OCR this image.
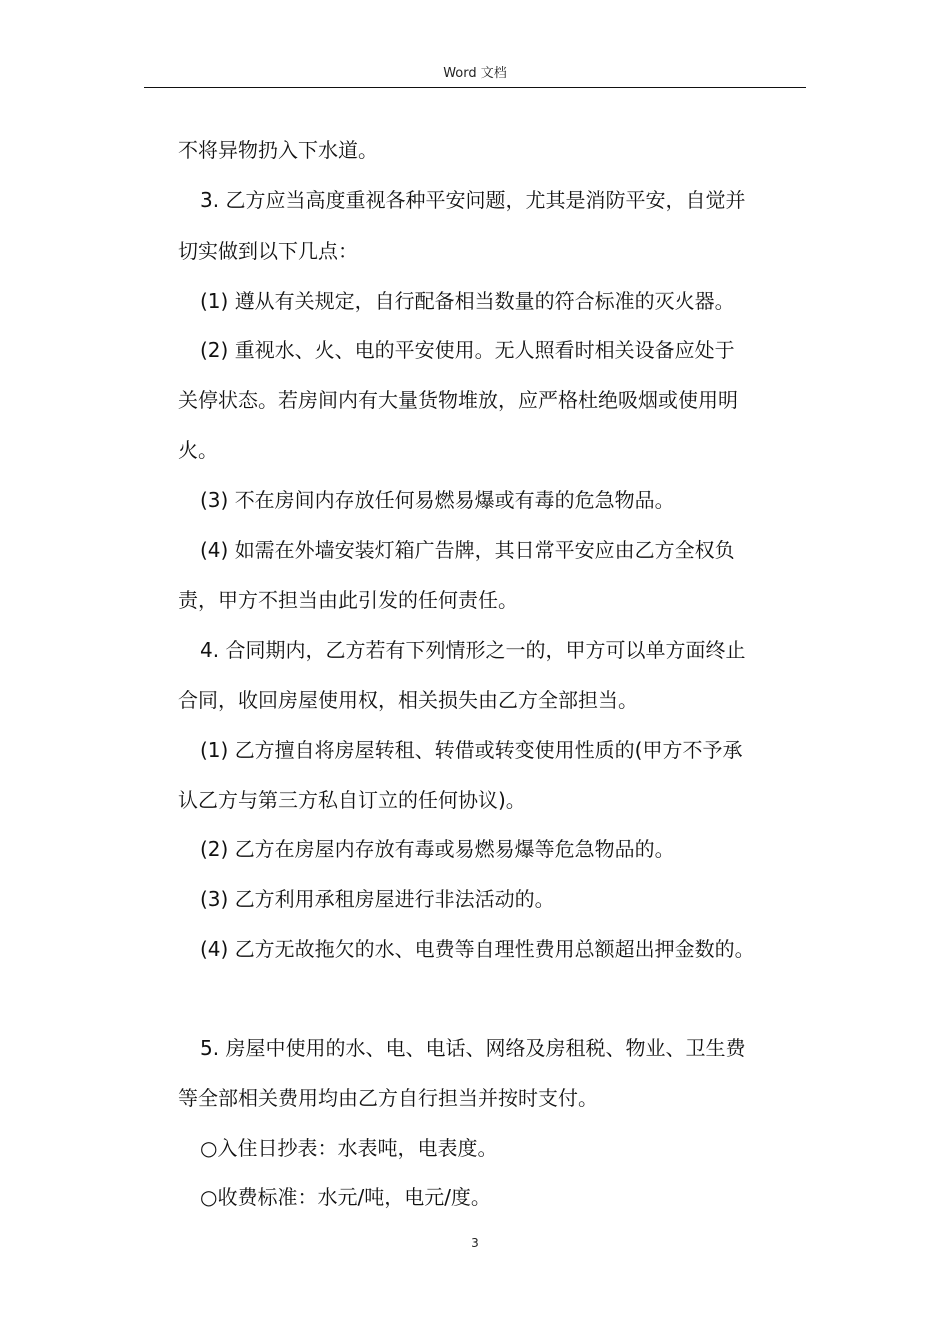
Word 文档
不将异物扔入下水道。
3. 乙方应当高度重视各种平安问题，尤其是消防平安，自觉并
切实做到以下几点：
(1) 遵从有关规定，自行配备相当数量的符合标准的灭火器。
(2) 重视水、火、电的平安使用。无人照看时相关设备应处于
关停状态。若房间内有大量货物堆放，应严格杜绝吸烟或使用明
火。
(3) 不在房间内存放任何易燃易爆或有毒的危急物品。
(4) 如需在外墙安装灯箱广告牌，其日常平安应由乙方全权负
责，甲方不担当由此引发的任何责任。
4. 合同期内，乙方若有下列情形之一的，甲方可以单方面终止
合同，收回房屋使用权，相关损失由乙方全部担当。
(1) 乙方擅自将房屋转租、转借或转变使用性质的(甲方不予承
认乙方与第三方私自订立的任何协议)。
(2) 乙方在房屋内存放有毒或易燃易爆等危急物品的。
(3) 乙方利用承租房屋进行非法活动的。
(4) 乙方无故拖欠的水、电费等自理性费用总额超出押金数的。
5. 房屋中使用的水、电、电话、网络及房租税、物业、卫生费
等全部相关费用均由乙方自行担当并按时支付。
○入住日抄表：水表吨，电表度。
○收费标准：水元/吨，电元/度。
3
